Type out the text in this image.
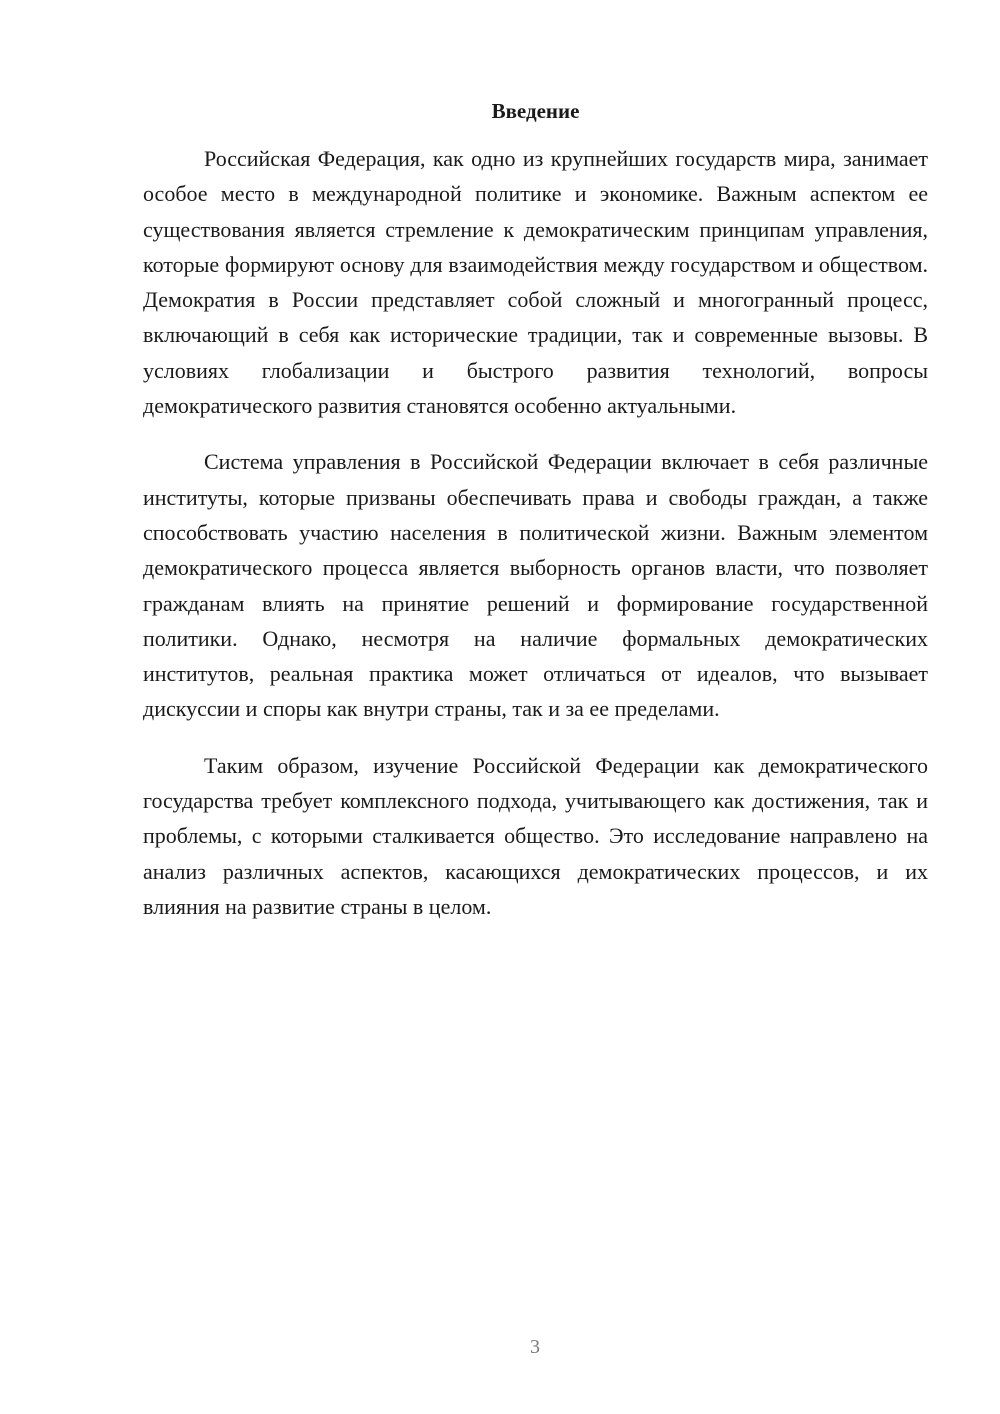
Введение

Российская Федерация, как одно из крупнейших государств мира, занимает особое место в международной политике и экономике. Важным аспектом ее существования является стремление к демократическим принципам управления, которые формируют основу для взаимодействия между государством и обществом. Демократия в России представляет собой сложный и многогранный процесс, включающий в себя как исторические традиции, так и современные вызовы. В условиях глобализации и быстрого развития технологий, вопросы демократического развития становятся особенно актуальными.

Система управления в Российской Федерации включает в себя различные институты, которые призваны обеспечивать права и свободы граждан, а также способствовать участию населения в политической жизни. Важным элементом демократического процесса является выборность органов власти, что позволяет гражданам влиять на принятие решений и формирование государственной политики. Однако, несмотря на наличие формальных демократических институтов, реальная практика может отличаться от идеалов, что вызывает дискуссии и споры как внутри страны, так и за ее пределами.

Таким образом, изучение Российской Федерации как демократического государства требует комплексного подхода, учитывающего как достижения, так и проблемы, с которыми сталкивается общество. Это исследование направлено на анализ различных аспектов, касающихся демократических процессов, и их влияния на развитие страны в целом.

3
